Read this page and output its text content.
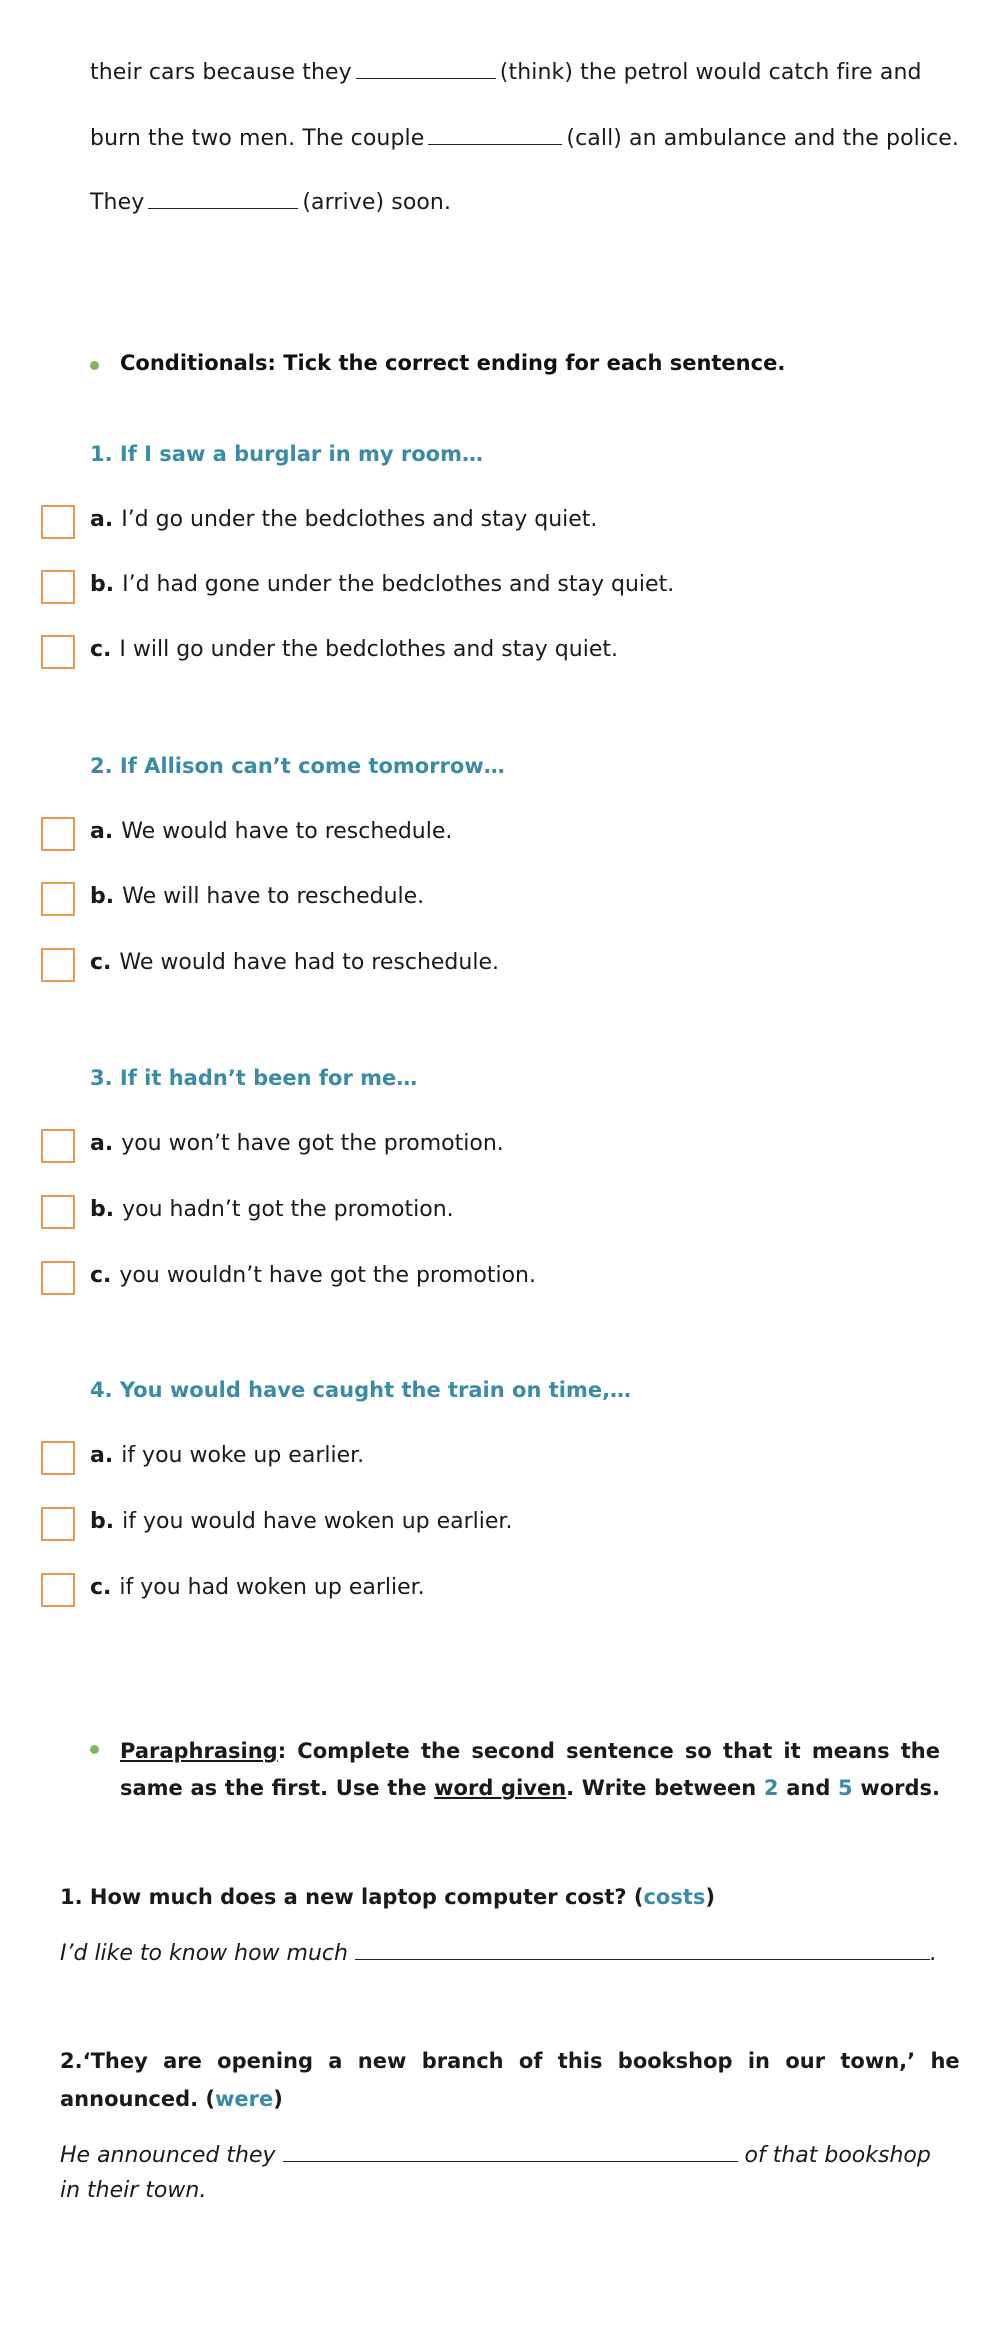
their cars because they	(think) the petrol would catch fire and
burn the two men. The couple	(call) an ambulance and the police.
They	(arrive) soon.
Conditionals: Tick the correct ending for each sentence.
1. If I saw a burglar in my room…
a. I’d go under the bedclothes and stay quiet.
b. I’d had gone under the bedclothes and stay quiet.
c. I will go under the bedclothes and stay quiet.
2. If Allison can’t come tomorrow…
a. We would have to reschedule.
b. We will have to reschedule.
c. We would have had to reschedule.
3. If it hadn’t been for me…
a. you won’t have got the promotion.
b. you hadn’t got the promotion.
c. you wouldn’t have got the promotion.
4. You would have caught the train on time,…
a. if you woke up earlier.
b. if you would have woken up earlier.
c. if you had woken up earlier.
Paraphrasing: Complete the second sentence so that it means the same as the first. Use the word given. Write between 2 and 5 words.
1. How much does a new laptop computer cost? (costs)
I’d like to know how much	.
2.‘They are opening a new branch of this bookshop in our town,’ he
announced. (were)
He announced they	of that bookshop
in their town.
